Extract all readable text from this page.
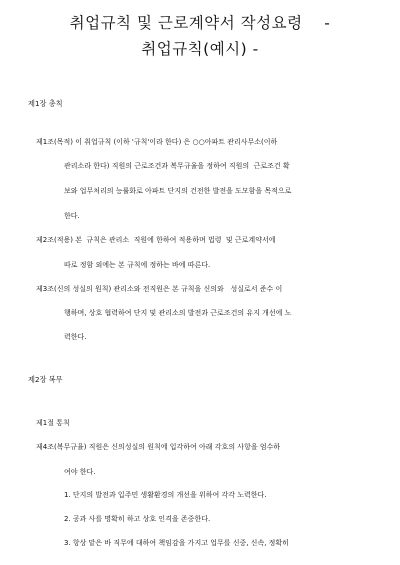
취업규칙 및 근로계약서 작성요령    -
취업규칙(예시) -
제1장 총칙
제1조(목적) 이 취업규칙 (이하 '규칙'이라 한다) 은 ○○아파트 관리사무소(이하
관리소라 한다) 직원의 근로조건과 복무규율을 정하여 직원의  근로조건 확
보와 업무처리의 능률화로 아파트 단지의 건전한 발전을 도모함을 목적으로
한다.
제2조(적용) 본  규칙은 관리소  직원에 한하여 적용하며 법령  및 근로계약서에
따로 정함 외에는 본 규칙에 정하는 바에 따른다.
제3조(신의 성실의 원칙) 관리소와 전직원은 본 규칙을 신의와   성실로서 준수 이
행하며, 상호 협력하여 단지 및 관리소의 발전과 근로조건의 유지 개선에 노
력한다.
제2장 복무
제1절 통칙
제4조(복무규율) 직원은 신의성실의 원칙에 입각하여 아래 각호의 사항을 엄수하
여야 한다.
1. 단지의 발전과 입주민 생활환경의 개선을 위하여 각각 노력한다.
2. 공과 사를 명확히 하고 상호 인격을 존중한다.
3. 항상 맡은 바 직무에 대하여 책임감을 가지고 업무를 신중, 신속, 정확히
